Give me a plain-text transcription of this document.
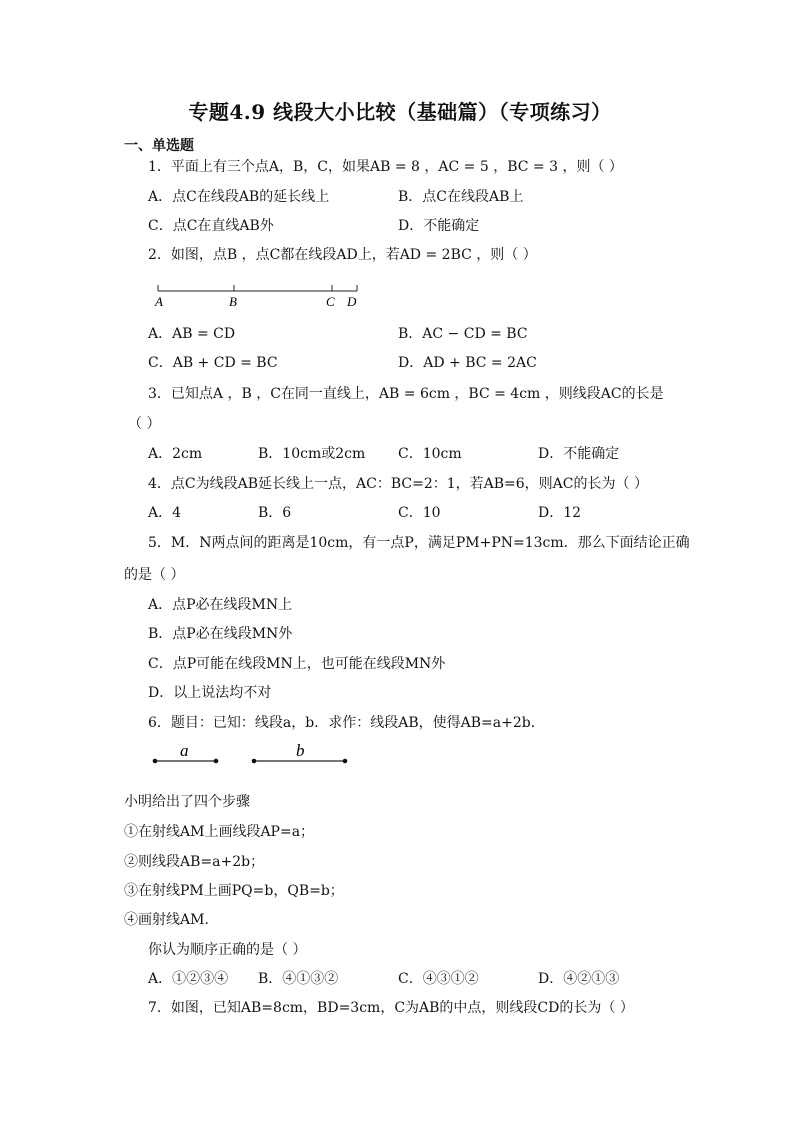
专题4.9 线段大小比较（基础篇）（专项练习）
一、单选题
1．平面上有三个点A，B，C，如果AB = 8 ，AC = 5 ，BC = 3 ，则（ ）
A．点C在线段AB的延长线上	B．点C在线段AB上
C．点C在直线AB外	D．不能确定
2．如图，点B ，点C都在线段AD上，若AD = 2BC ，则（ ）
A	B	C D
A．AB = CD	B．AC − CD = BC
C．AB + CD = BC	D．AD + BC = 2AC
3．已知点A ，B ，C在同一直线上，AB = 6cm ，BC = 4cm ，则线段AC的长是
（ ）
A．2cm	B．10cm或2cm C．10cm	D．不能确定
4．点C为线段AB延长线上一点，AC：BC=2：1，若AB=6，则AC的长为（ ）
A．4	B．6	C．10	D．12
5．M．N两点间的距离是10cm，有一点P，满足PM+PN=13cm．那么下面结论正确
的是（ ）
A．点P必在线段MN上
B．点P必在线段MN外
C．点P可能在线段MN上，也可能在线段MN外
D．以上说法均不对
6．题目：已知：线段a，b．求作：线段AB，使得AB=a+2b．
a	b
小明给出了四个步骤
①在射线AM上画线段AP=a；
②则线段AB=a+2b；
③在射线PM上画PQ=b，QB=b；
④画射线AM.
你认为顺序正确的是（ ）
A．①②③④ B．④①③②	C．④③①②	D．④②①③
7．如图，已知AB=8cm，BD=3cm，C为AB的中点，则线段CD的长为（ ）
